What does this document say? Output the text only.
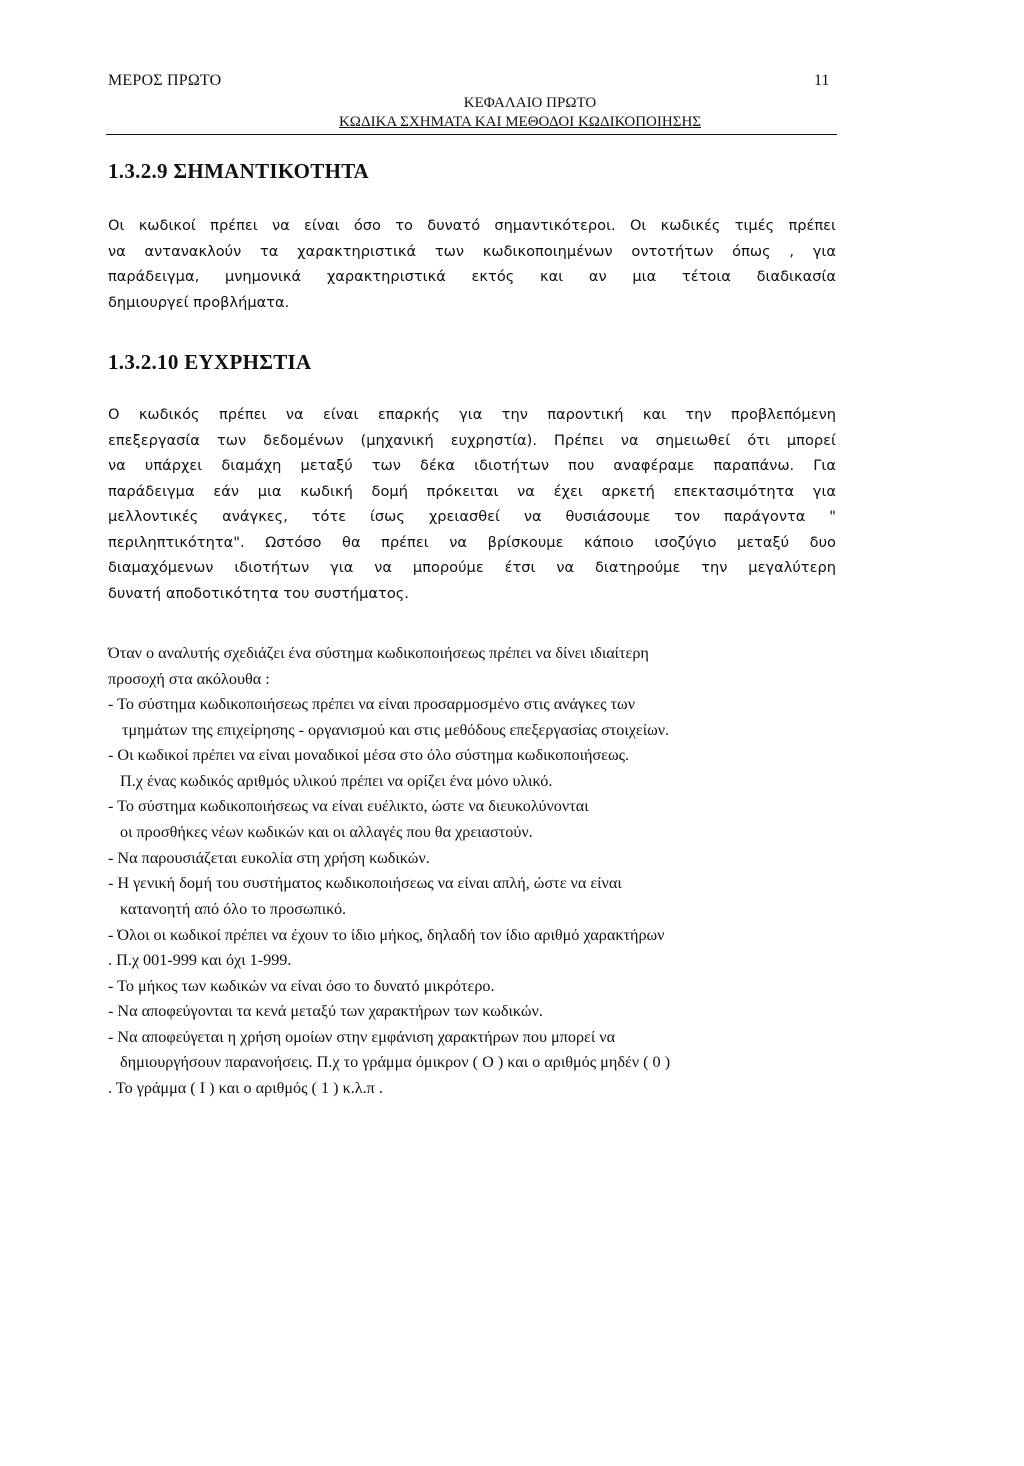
ΜΕΡΟΣ ΠΡΩΤΟ	11
ΚΕΦΑΛΑΙΟ ΠΡΩΤΟ
ΚΩΔΙΚΑ ΣΧΗΜΑΤΑ ΚΑΙ ΜΕΘΟΔΟΙ ΚΩΔΙΚΟΠΟΙΗΣΗΣ
1.3.2.9 ΣΗΜΑΝΤΙΚΟΤΗΤΑ

Οι κωδικοί πρέπει να είναι όσο το δυνατό σημαντικότεροι. Οι κωδικές τιμές πρέπει
να αντανακλούν τα χαρακτηριστικά των κωδικοποιημένων οντοτήτων όπως , για
παράδειγμα, μνημονικά χαρακτηριστικά εκτός και αν μια τέτοια διαδικασία
δημιουργεί προβλήματα.

1.3.2.10 ΕΥΧΡΗΣΤΙΑ

Ο κωδικός πρέπει να είναι επαρκής για την παροντική και την προβλεπόμενη
επεξεργασία των δεδομένων (μηχανική ευχρηστία). Πρέπει να σημειωθεί ότι μπορεί
να υπάρχει διαμάχη μεταξύ των δέκα ιδιοτήτων που αναφέραμε παραπάνω. Για
παράδειγμα εάν μια κωδική δομή πρόκειται να έχει αρκετή επεκτασιμότητα για
μελλοντικές ανάγκες, τότε ίσως χρειασθεί να θυσιάσουμε τον παράγοντα "
περιληπτικότητα". Ωστόσο θα πρέπει να βρίσκουμε κάποιο ισοζύγιο μεταξύ δυο
διαμαχόμενων ιδιοτήτων για να μπορούμε έτσι να διατηρούμε την μεγαλύτερη
δυνατή αποδοτικότητα του συστήματος.

Όταν ο αναλυτής σχεδιάζει ένα σύστημα κωδικοποιήσεως πρέπει να δίνει ιδιαίτερη
προσοχή στα ακόλουθα :
- Το σύστημα κωδικοποιήσεως πρέπει να είναι προσαρμοσμένο στις ανάγκες των
τμημάτων της επιχείρησης - οργανισμού και στις μεθόδους επεξεργασίας στοιχείων.
- Οι κωδικοί πρέπει να είναι μοναδικοί μέσα στο όλο σύστημα κωδικοποιήσεως.
Π.χ ένας κωδικός αριθμός υλικού πρέπει να ορίζει ένα μόνο υλικό.
- Το σύστημα κωδικοποιήσεως να είναι ευέλικτο, ώστε να διευκολύνονται
οι προσθήκες νέων κωδικών και οι αλλαγές που θα χρειαστούν.
- Να παρουσιάζεται ευκολία στη χρήση κωδικών.
- Η γενική δομή του συστήματος κωδικοποιήσεως να είναι απλή, ώστε να είναι
κατανοητή από όλο το προσωπικό.
- Όλοι οι κωδικοί πρέπει να έχουν το ίδιο μήκος, δηλαδή τον ίδιο αριθμό χαρακτήρων
. Π.χ 001-999 και όχι 1-999.
- Το μήκος των κωδικών να είναι όσο το δυνατό μικρότερο.
- Να αποφεύγονται τα κενά μεταξύ των χαρακτήρων των κωδικών.
- Να αποφεύγεται η χρήση ομοίων στην εμφάνιση χαρακτήρων που μπορεί να
δημιουργήσουν παρανοήσεις. Π.χ το γράμμα όμικρον ( Ο ) και ο αριθμός μηδέν ( 0 )
. Το γράμμα ( Ι ) και ο αριθμός ( 1 ) κ.λ.π .
